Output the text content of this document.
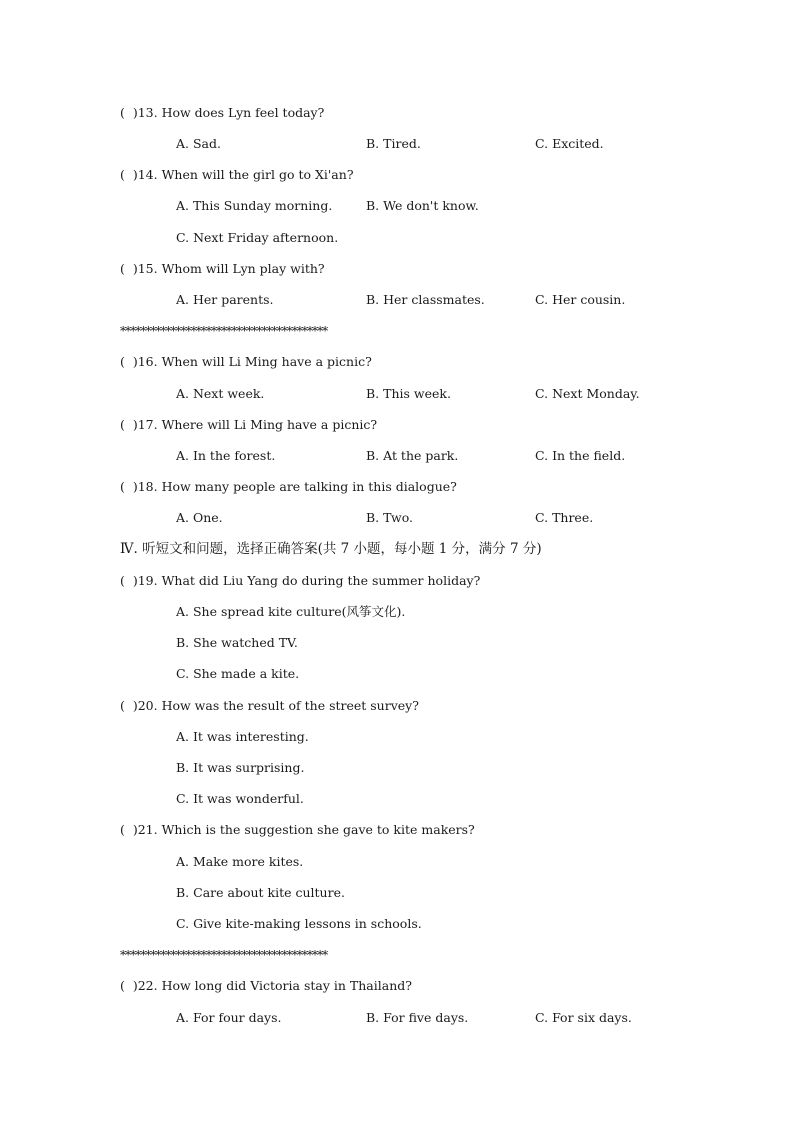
(  )13. How does Lyn feel today?
A. Sad.	B. Tired.	C. Excited.
(  )14. When will the girl go to Xi'an?
A. This Sunday morning.	B. We don't know.
C. Next Friday afternoon.
(  )15. Whom will Lyn play with?
A. Her parents.	B. Her classmates.	C. Her cousin.
*****************************************
(  )16. When will Li Ming have a picnic?
A. Next week.	B. This week.	C. Next Monday.
(  )17. Where will Li Ming have a picnic?
A. In the forest.	B. At the park.	C. In the field.
(  )18. How many people are talking in this dialogue?
A. One.	B. Two.	C. Three.
Ⅳ. 听短文和问题，选择正确答案(共 7 小题，每小题 1 分，满分 7 分)
(  )19. What did Liu Yang do during the summer holiday?
A. She spread kite culture(风筝文化).
B. She watched TV.
C. She made a kite.
(  )20. How was the result of the street survey?
A. It was interesting.
B. It was surprising.
C. It was wonderful.
(  )21. Which is the suggestion she gave to kite makers?
A. Make more kites.
B. Care about kite culture.
C. Give kite-making lessons in schools.
*****************************************
(  )22. How long did Victoria stay in Thailand?
A. For four days.	B. For five days.	C. For six days.
